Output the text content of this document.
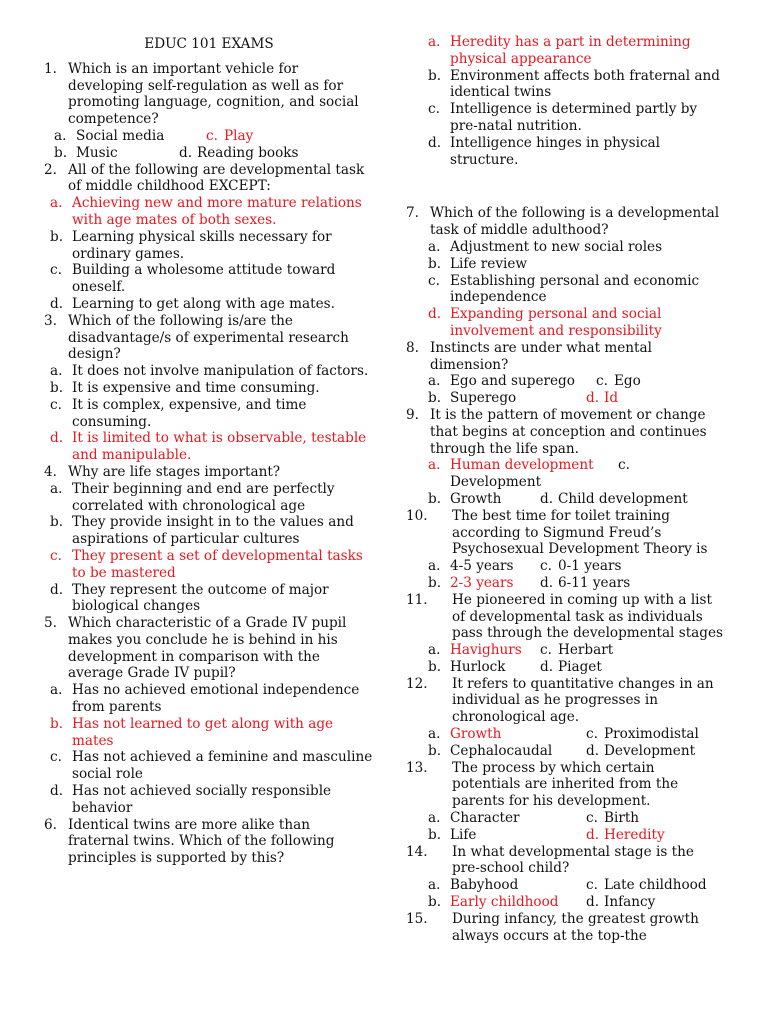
EDUC 101 EXAMS
1. Which is an important vehicle for developing self-regulation as well as for promoting language, cognition, and social competence?
a. Social media	c. Play
b. Music	d. Reading books
2. All of the following are developmental task of middle childhood EXCEPT:
a. Achieving new and more mature relations with age mates of both sexes.
b. Learning physical skills necessary for ordinary games.
c. Building a wholesome attitude toward oneself.
d. Learning to get along with age mates.
3. Which of the following is/are the disadvantage/s of experimental research design?
a. It does not involve manipulation of factors.
b. It is expensive and time consuming.
c. It is complex, expensive, and time consuming.
d. It is limited to what is observable, testable and manipulable.
4. Why are life stages important?
a. Their beginning and end are perfectly correlated with chronological age
b. They provide insight in to the values and aspirations of particular cultures
c. They present a set of developmental tasks to be mastered
d. They represent the outcome of major biological changes
5. Which characteristic of a Grade IV pupil makes you conclude he is behind in his development in comparison with the average Grade IV pupil?
a. Has no achieved emotional independence from parents
b. Has not learned to get along with age mates
c. Has not achieved a feminine and masculine social role
d. Has not achieved socially responsible behavior
6. Identical twins are more alike than fraternal twins. Which of the following principles is supported by this?
a. Heredity has a part in determining physical appearance
b. Environment affects both fraternal and identical twins
c. Intelligence is determined partly by pre-natal nutrition.
d. Intelligence hinges in physical structure.
7. Which of the following is a developmental task of middle adulthood?
a. Adjustment to new social roles
b. Life review
c. Establishing personal and economic independence
d. Expanding personal and social involvement and responsibility
8. Instincts are under what mental dimension?
a. Ego and superego	c. Ego
b. Superego	d. Id
9. It is the pattern of movement or change that begins at conception and continues through the life span.
a. Human development	c.
Development
b. Growth	d. Child development
10.	The best time for toilet training according to Sigmund Freud’s Psychosexual Development Theory is
a. 4-5 years	c. 0-1 years
b. 2-3 years	d. 6-11 years
11.	He pioneered in coming up with a list of developmental task as individuals pass through the developmental stages
a. Havighurs	c. Herbart
b. Hurlock	d. Piaget
12.	It refers to quantitative changes in an individual as he progresses in chronological age.
a. Growth	c. Proximodistal
b. Cephalocaudal	d. Development
13.	The process by which certain potentials are inherited from the parents for his development.
a. Character	c. Birth
b. Life	d. Heredity
14.	In what developmental stage is the pre-school child?
a. Babyhood	c. Late childhood
b. Early childhood	d. Infancy
15.	During infancy, the greatest growth always occurs at the top-the
